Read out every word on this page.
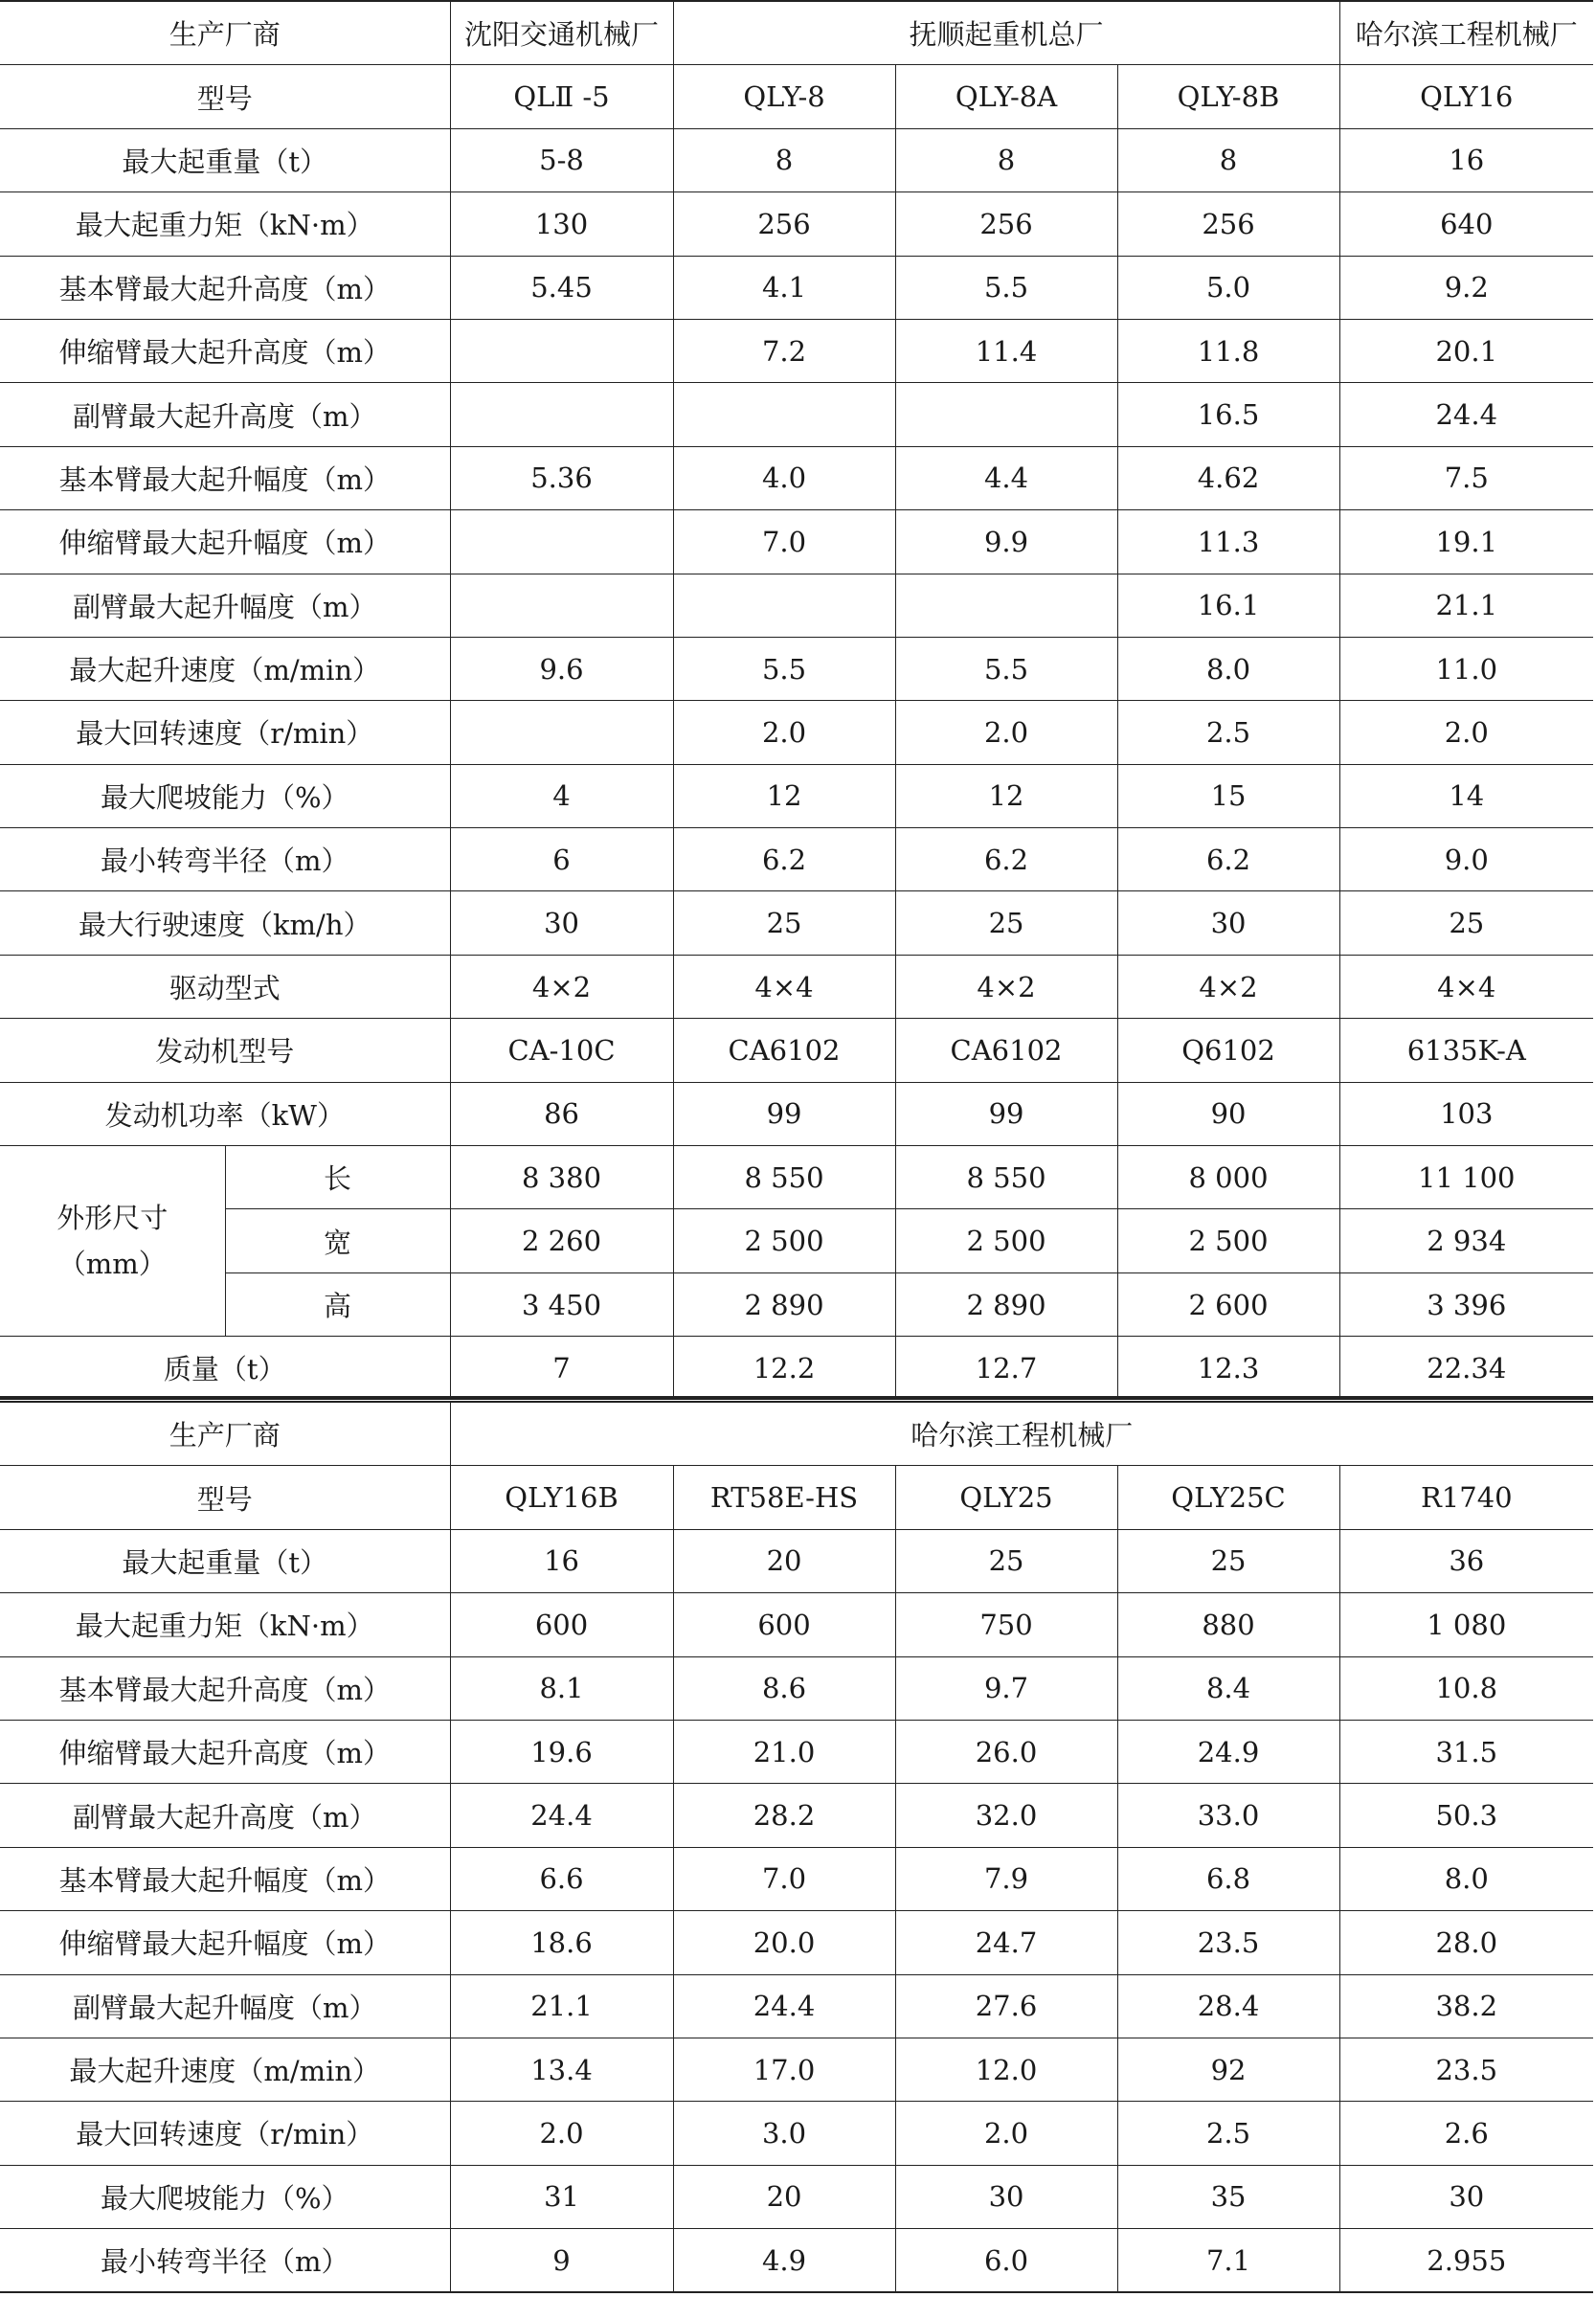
生产厂商		沈阳交通机械厂	抚顺起重机总厂			哈尔滨工程机械厂
型号		QLⅡ -5	QLY-8	QLY-8A	QLY-8B	QLY16
最大起重量（t）		5-8	8	8	8	16
最大起重力矩（kN·m）		130	256	256	256	640
基本臂最大起升高度（m）		5.45	4.1	5.5	5.0	9.2
伸缩臂最大起升高度（m）			7.2	11.4	11.8	20.1
副臂最大起升高度（m）					16.5	24.4
基本臂最大起升幅度（m）		5.36	4.0	4.4	4.62	7.5
伸缩臂最大起升幅度（m）			7.0	9.9	11.3	19.1
副臂最大起升幅度（m）					16.1	21.1
最大起升速度（m/min）		9.6	5.5	5.5	8.0	11.0
最大回转速度（r/min）			2.0	2.0	2.5	2.0
最大爬坡能力（%）		4	12	12	15	14
最小转弯半径（m）		6	6.2	6.2	6.2	9.0
最大行驶速度（km/h）		30	25	25	30	25
驱动型式		4×2	4×4	4×2	4×2	4×4
发动机型号		CA-10C	CA6102	CA6102	Q6102	6135K-A
发动机功率（kW）		86	99	99	90	103

外形尺寸
（mm）	长	8 380	8 550	8 550	8 000	11 100
	宽	2 260	2 500	2 500	2 500	2 934
	高	3 450	2 890	2 890	2 600	3 396
质量（t）		7	12.2	12.7	12.3	22.34
生产厂商	哈尔滨工程机械厂				
型号	QLY16B	RT58E-HS	QLY25	QLY25C	R1740
最大起重量（t）	16	20	25	25	36
最大起重力矩（kN·m）	600	600	750	880	1 080
基本臂最大起升高度（m）	8.1	8.6	9.7	8.4	10.8
伸缩臂最大起升高度（m）	19.6	21.0	26.0	24.9	31.5
副臂最大起升高度（m）	24.4	28.2	32.0	33.0	50.3
基本臂最大起升幅度（m）	6.6	7.0	7.9	6.8	8.0
伸缩臂最大起升幅度（m）	18.6	20.0	24.7	23.5	28.0
副臂最大起升幅度（m）	21.1	24.4	27.6	28.4	38.2
最大起升速度（m/min）	13.4	17.0	12.0	92	23.5
最大回转速度（r/min）	2.0	3.0	2.0	2.5	2.6
最大爬坡能力（%）	31	20	30	35	30
最小转弯半径（m）	9	4.9	6.0	7.1	2.955
